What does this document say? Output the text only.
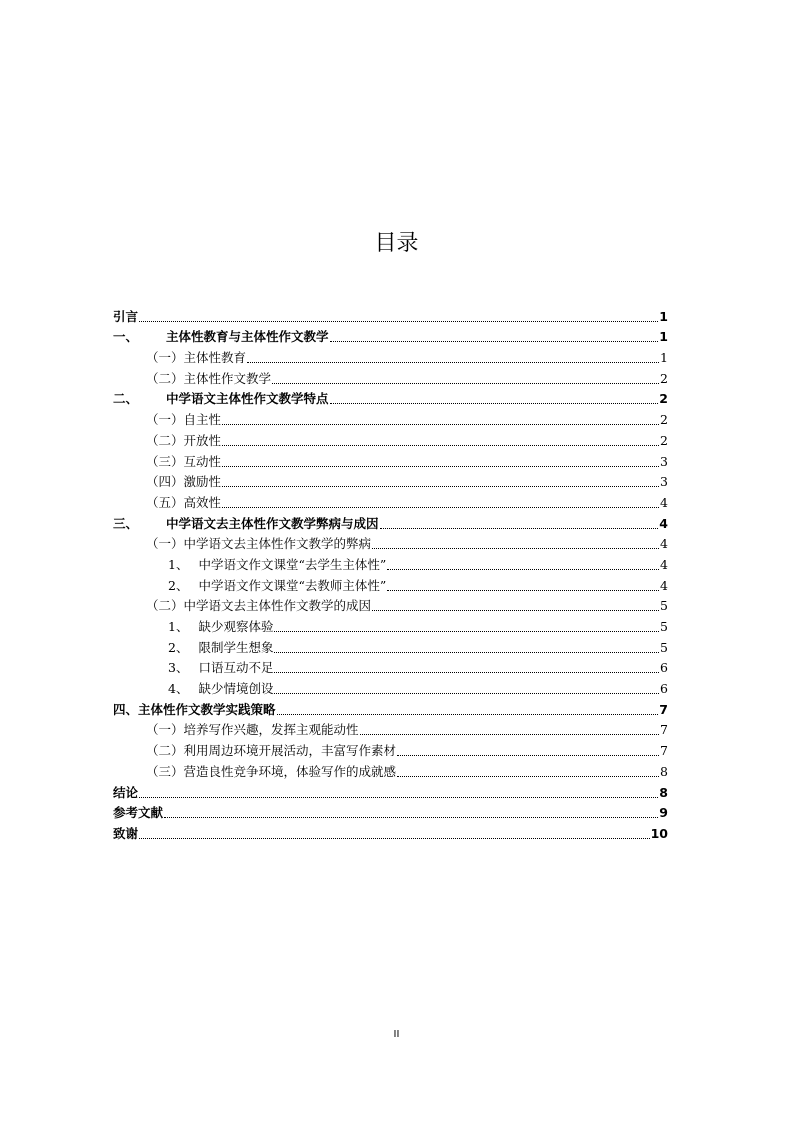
目录
引言	1
一、 主体性教育与主体性作文教学	1
（一）主体性教育	1
（二）主体性作文教学	2
二、 中学语文主体性作文教学特点	2
（一）自主性	2
（二）开放性	2
（三）互动性	3
（四）激励性	3
（五）高效性	4
三、 中学语文去主体性作文教学弊病与成因	4
（一）中学语文去主体性作文教学的弊病	4
1、 中学语文作文课堂“去学生主体性”	4
2、 中学语文作文课堂“去教师主体性”	4
（二）中学语文去主体性作文教学的成因	5
1、 缺少观察体验	5
2、 限制学生想象	5
3、 口语互动不足	6
4、 缺少情境创设	6
四、主体性作文教学实践策略	7
（一）培养写作兴趣，发挥主观能动性	7
（二）利用周边环境开展活动，丰富写作素材	7
（三）营造良性竞争环境，体验写作的成就感	8
结论	8
参考文献	9
致谢	10
II
